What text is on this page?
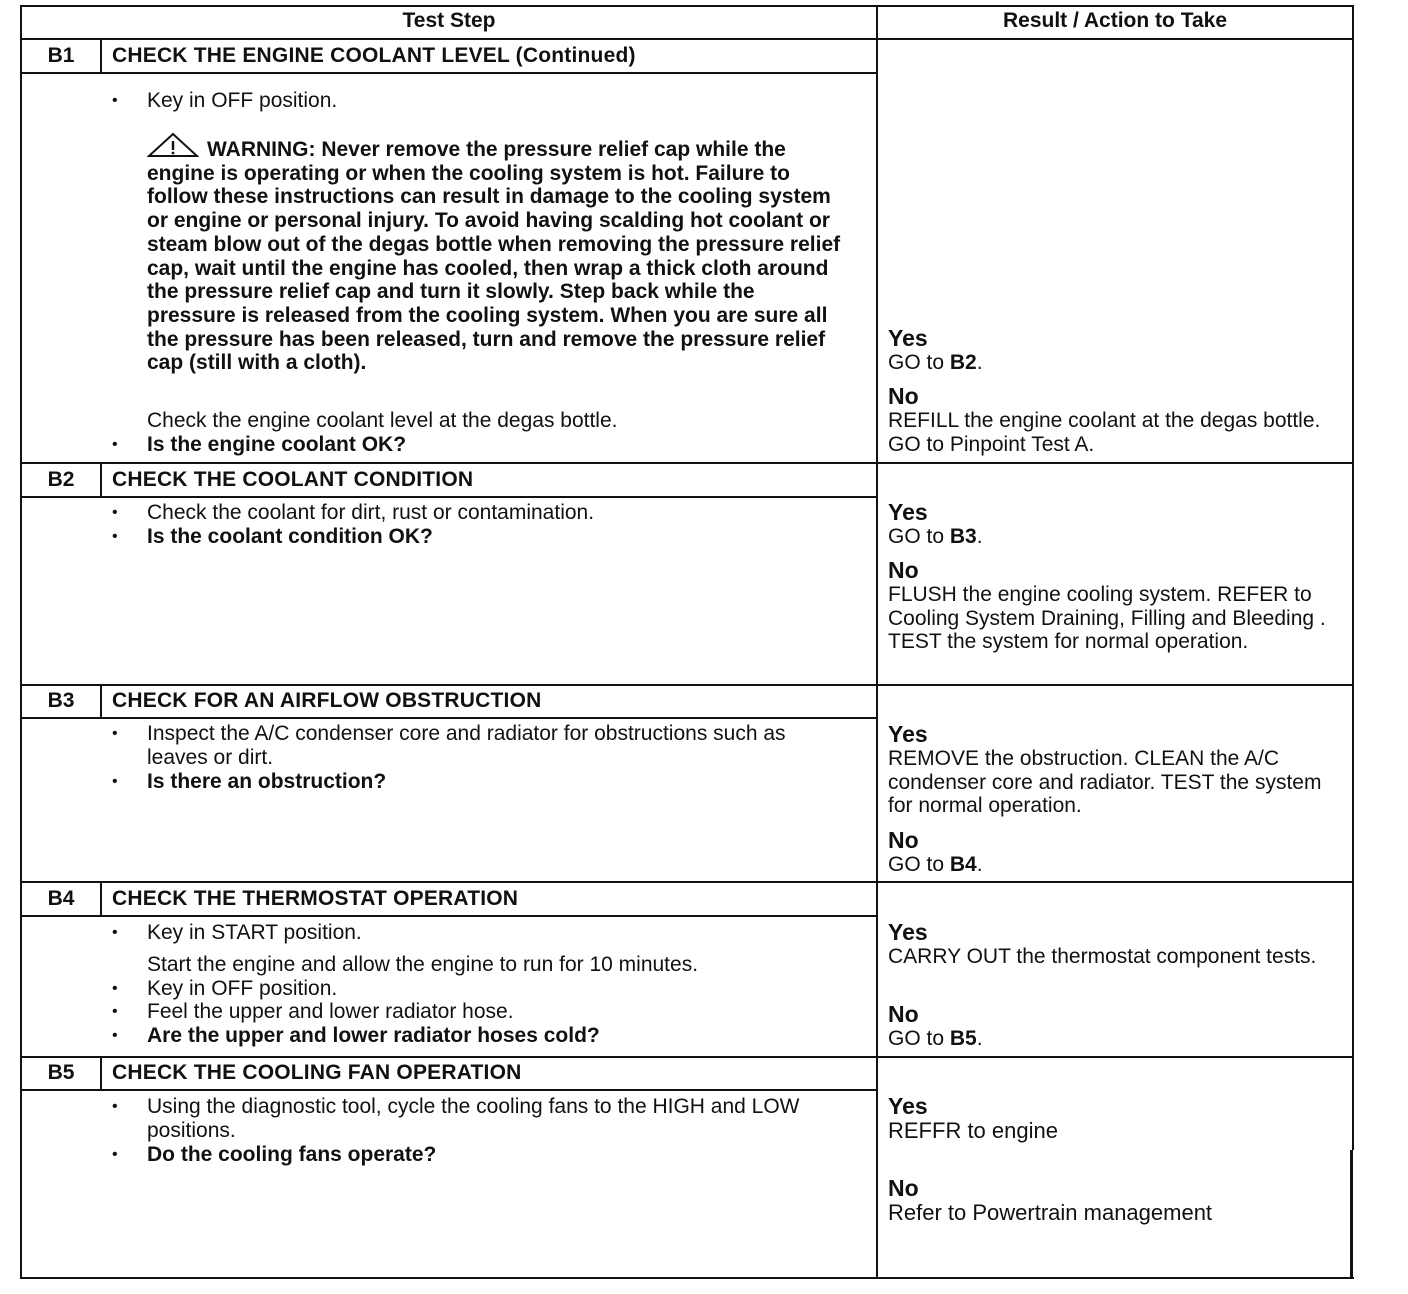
Test Step	Result / Action to Take
B1	CHECK THE ENGINE COOLANT LEVEL (Continued)
• Key in OFF position.
WARNING: Never remove the pressure relief cap while the engine is operating or when the cooling system is hot. Failure to follow these instructions can result in damage to the cooling system or engine or personal injury. To avoid having scalding hot coolant or steam blow out of the degas bottle when removing the pressure relief cap, wait until the engine has cooled, then wrap a thick cloth around the pressure relief cap and turn it slowly. Step back while the pressure is released from the cooling system. When you are sure all the pressure has been released, turn and remove the pressure relief cap (still with a cloth).
Check the engine coolant level at the degas bottle.
• Is the engine coolant OK?
Yes
GO to B2.
No
REFILL the engine coolant at the degas bottle. GO to Pinpoint Test A.
B2	CHECK THE COOLANT CONDITION
• Check the coolant for dirt, rust or contamination.
• Is the coolant condition OK?
Yes
GO to B3.
No
FLUSH the engine cooling system. REFER to Cooling System Draining, Filling and Bleeding . TEST the system for normal operation.
B3	CHECK FOR AN AIRFLOW OBSTRUCTION
• Inspect the A/C condenser core and radiator for obstructions such as leaves or dirt.
• Is there an obstruction?
Yes
REMOVE the obstruction. CLEAN the A/C condenser core and radiator. TEST the system for normal operation.
No
GO to B4.
B4	CHECK THE THERMOSTAT OPERATION
• Key in START position.
Start the engine and allow the engine to run for 10 minutes.
• Key in OFF position.
• Feel the upper and lower radiator hose.
• Are the upper and lower radiator hoses cold?
Yes
CARRY OUT the thermostat component tests.
No
GO to B5.
B5	CHECK THE COOLING FAN OPERATION
• Using the diagnostic tool, cycle the cooling fans to the HIGH and LOW positions.
• Do the cooling fans operate?
Yes
REFFR to engine
No
Refer to Powertrain management
